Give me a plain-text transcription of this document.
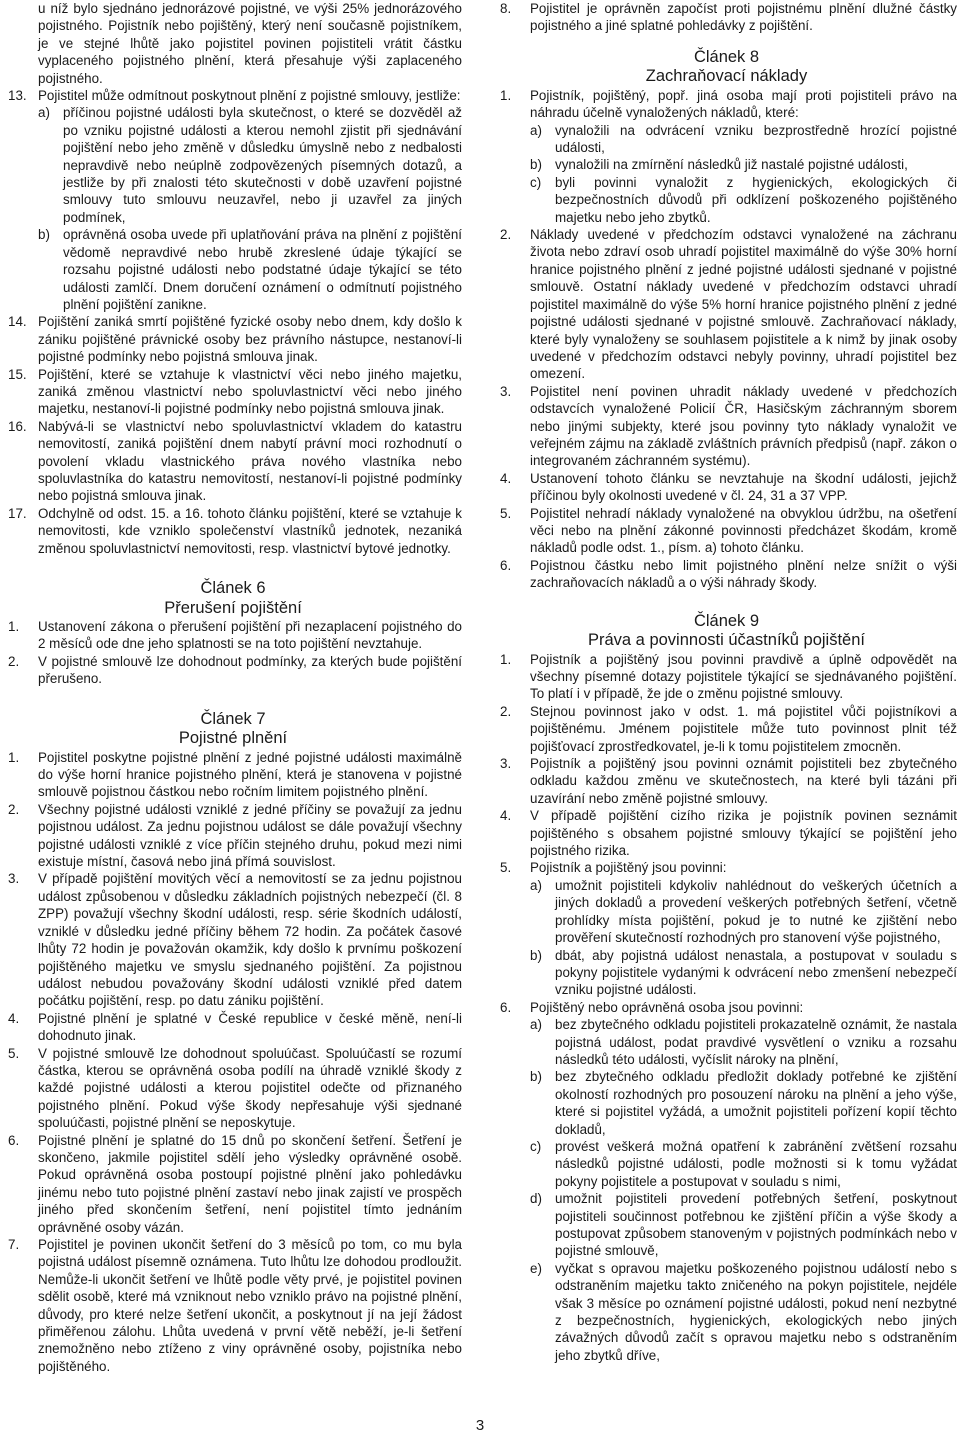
u níž bylo sjednáno jednorázové pojistné, ve výši 25% jednorázového pojistného. Pojistník nebo pojištěný, který není současně pojistníkem, je ve stejné lhůtě jako pojistitel povinen pojistiteli vrátit částku vyplaceného pojistného plnění, která přesahuje výši zaplaceného pojistného.
13. Pojistitel může odmítnout poskytnout plnění z pojistné smlouvy, jestliže:
a) příčinou pojistné události byla skutečnost, o které se dozvěděl až po vzniku pojistné události a kterou nemohl zjistit při sjednávání pojištění nebo jeho změně v důsledku úmyslně nebo z nedbalosti nepravdivě nebo neúplně zodpovězených písemných dotazů, a jestliže by při znalosti této skutečnosti v době uzavření pojistné smlouvy tuto smlouvu neuzavřel, nebo ji uzavřel za jiných podmínek,
b) oprávněná osoba uvede při uplatňování práva na plnění z pojištění vědomě nepravdivé nebo hrubě zkreslené údaje týkající se rozsahu pojistné události nebo podstatné údaje týkající se této události zamlčí. Dnem doručení oznámení o odmítnutí pojistného plnění pojištění zanikne.
14. Pojištění zaniká smrtí pojištěné fyzické osoby nebo dnem, kdy došlo k zániku pojištěné právnické osoby bez právního nástupce, nestanoví-li pojistné podmínky nebo pojistná smlouva jinak.
15. Pojištění, které se vztahuje k vlastnictví věci nebo jiného majetku, zaniká změnou vlastnictví nebo spoluvlastnictví věci nebo jiného majetku, nestanoví-li pojistné podmínky nebo pojistná smlouva jinak.
16. Nabývá-li se vlastnictví nebo spoluvlastnictví vkladem do katastru nemovitostí, zaniká pojištění dnem nabytí právní moci rozhodnutí o povolení vkladu vlastnického práva nového vlastníka nebo spoluvlastníka do katastru nemovitostí, nestanoví-li pojistné podmínky nebo pojistná smlouva jinak.
17. Odchylně od odst. 15. a 16. tohoto článku pojištění, které se vztahuje k nemovitosti, kde vzniklo společenství vlastníků jednotek, nezaniká změnou spoluvlastnictví nemovitosti, resp. vlastnictví bytové jednotky.
Článek 6
Přerušení pojištění
1. Ustanovení zákona o přerušení pojištění při nezaplacení pojistného do 2 měsíců ode dne jeho splatnosti se na toto pojištění nevztahuje.
2. V pojistné smlouvě lze dohodnout podmínky, za kterých bude pojištění přerušeno.
Článek 7
Pojistné plnění
1. Pojistitel poskytne pojistné plnění z jedné pojistné události maximálně do výše horní hranice pojistného plnění, která je stanovena v pojistné smlouvě pojistnou částkou nebo ročním limitem pojistného plnění.
2. Všechny pojistné události vzniklé z jedné příčiny se považují za jednu pojistnou událost. Za jednu pojistnou událost se dále považují všechny pojistné události vzniklé z více příčin stejného druhu, pokud mezi nimi existuje místní, časová nebo jiná přímá souvislost.
3. V případě pojištění movitých věcí a nemovitostí se za jednu pojistnou událost způsobenou v důsledku základních pojistných nebezpečí (čl. 8 ZPP) považují všechny škodní události, resp. série škodních událostí, vzniklé v důsledku jedné příčiny během 72 hodin. Za počátek časové lhůty 72 hodin je považován okamžik, kdy došlo k prvnímu poškození pojištěného majetku ve smyslu sjednaného pojištění. Za pojistnou událost nebudou považovány škodní události vzniklé před datem počátku pojištění, resp. po datu zániku pojištění.
4. Pojistné plnění je splatné v České republice v české měně, není-li dohodnuto jinak.
5. V pojistné smlouvě lze dohodnout spoluúčast. Spoluúčastí se rozumí částka, kterou se oprávněná osoba podílí na úhradě vzniklé škody z každé pojistné události a kterou pojistitel odečte od přiznaného pojistného plnění. Pokud výše škody nepřesahuje výši sjednané spoluúčasti, pojistné plnění se neposkytuje.
6. Pojistné plnění je splatné do 15 dnů po skončení šetření. Šetření je skončeno, jakmile pojistitel sdělí jeho výsledky oprávněné osobě. Pokud oprávněná osoba postoupí pojistné plnění jako pohledávku jinému nebo tuto pojistné plnění zastaví nebo jinak zajistí ve prospěch jiného před skončením šetření, není pojistitel tímto jednáním oprávněné osoby vázán.
7. Pojistitel je povinen ukončit šetření do 3 měsíců po tom, co mu byla pojistná událost písemně oznámena. Tuto lhůtu lze dohodou prodloužit. Nemůže-li ukončit šetření ve lhůtě podle věty prvé, je pojistitel povinen sdělit osobě, které má vzniknout nebo vzniklo právo na pojistné plnění, důvody, pro které nelze šetření ukončit, a poskytnout jí na její žádost přiměřenou zálohu. Lhůta uvedená v první větě neběží, je-li šetření znemožněno nebo ztíženo z viny oprávněné osoby, pojistníka nebo pojištěného.
8. Pojistitel je oprávněn započíst proti pojistnému plnění dlužné částky pojistného a jiné splatné pohledávky z pojištění.
Článek 8
Zachraňovací náklady
1. Pojistník, pojištěný, popř. jiná osoba mají proti pojistiteli právo na náhradu účelně vynaložených nákladů, které:
a) vynaložili na odvrácení vzniku bezprostředně hrozící pojistné události,
b) vynaložili na zmírnění následků již nastalé pojistné události,
c) byli povinni vynaložit z hygienických, ekologických či bezpečnostních důvodů při odklízení poškozeného pojištěného majetku nebo jeho zbytků.
2. Náklady uvedené v předchozím odstavci vynaložené na záchranu života nebo zdraví osob uhradí pojistitel maximálně do výše 30% horní hranice pojistného plnění z jedné pojistné události sjednané v pojistné smlouvě. Ostatní náklady uvedené v předchozím odstavci uhradí pojistitel maximálně do výše 5% horní hranice pojistného plnění z jedné pojistné události sjednané v pojistné smlouvě. Zachraňovací náklady, které byly vynaloženy se souhlasem pojistitele a k nimž by jinak osoby uvedené v předchozím odstavci nebyly povinny, uhradí pojistitel bez omezení.
3. Pojistitel není povinen uhradit náklady uvedené v předchozích odstavcích vynaložené Policií ČR, Hasičským záchranným sborem nebo jinými subjekty, které jsou povinny tyto náklady vynaložit ve veřejném zájmu na základě zvláštních právních předpisů (např. zákon o integrovaném záchranném systému).
4. Ustanovení tohoto článku se nevztahuje na škodní události, jejichž příčinou byly okolnosti uvedené v čl. 24, 31 a 37 VPP.
5. Pojistitel nehradí náklady vynaložené na obvyklou údržbu, na ošetření věci nebo na plnění zákonné povinnosti předcházet škodám, kromě nákladů podle odst. 1., písm. a) tohoto článku.
6. Pojistnou částku nebo limit pojistného plnění nelze snížit o výši zachraňovacích nákladů a o výši náhrady škody.
Článek 9
Práva a povinnosti účastníků pojištění
1. Pojistník a pojištěný jsou povinni pravdivě a úplně odpovědět na všechny písemné dotazy pojistitele týkající se sjednávaného pojištění. To platí i v případě, že jde o změnu pojistné smlouvy.
2. Stejnou povinnost jako v odst. 1. má pojistitel vůči pojistníkovi a pojištěnému. Jménem pojistitele může tuto povinnost plnit též pojišťovací zprostředkovatel, je-li k tomu pojistitelem zmocněn.
3. Pojistník a pojištěný jsou povinni oznámit pojistiteli bez zbytečného odkladu každou změnu ve skutečnostech, na které byli tázáni při uzavírání nebo změně pojistné smlouvy.
4. V případě pojištění cizího rizika je pojistník povinen seznámit pojištěného s obsahem pojistné smlouvy týkající se pojištění jeho pojistného rizika.
5. Pojistník a pojištěný jsou povinni:
a) umožnit pojistiteli kdykoliv nahlédnout do veškerých účetních a jiných dokladů a provedení veškerých potřebných šetření, včetně prohlídky místa pojištění, pokud je to nutné ke zjištění nebo prověření skutečností rozhodných pro stanovení výše pojistného,
b) dbát, aby pojistná událost nenastala, a postupovat v souladu s pokyny pojistitele vydanými k odvrácení nebo zmenšení nebezpečí vzniku pojistné události.
6. Pojištěný nebo oprávněná osoba jsou povinni:
a) bez zbytečného odkladu pojistiteli prokazatelně oznámit, že nastala pojistná událost, podat pravdivé vysvětlení o vzniku a rozsahu následků této události, vyčíslit nároky na plnění,
b) bez zbytečného odkladu předložit doklady potřebné ke zjištění okolností rozhodných pro posouzení nároku na plnění a jeho výše, které si pojistitel vyžádá, a umožnit pojistiteli pořízení kopií těchto dokladů,
c) provést veškerá možná opatření k zabránění zvětšení rozsahu následků pojistné události, podle možnosti si k tomu vyžádat pokyny pojistitele a postupovat v souladu s nimi,
d) umožnit pojistiteli provedení potřebných šetření, poskytnout pojistiteli součinnost potřebnou ke zjištění příčin a výše škody a postupovat způsobem stanoveným v pojistných podmínkách nebo v pojistné smlouvě,
e) vyčkat s opravou majetku poškozeného pojistnou událostí nebo s odstraněním majetku takto zničeného na pokyn pojistitele, nejdéle však 3 měsíce po oznámení pojistné události, pokud není nezbytné z bezpečnostních, hygienických, ekologických nebo jiných závažných důvodů začít s opravou majetku nebo s odstraněním jeho zbytků dříve,
3
